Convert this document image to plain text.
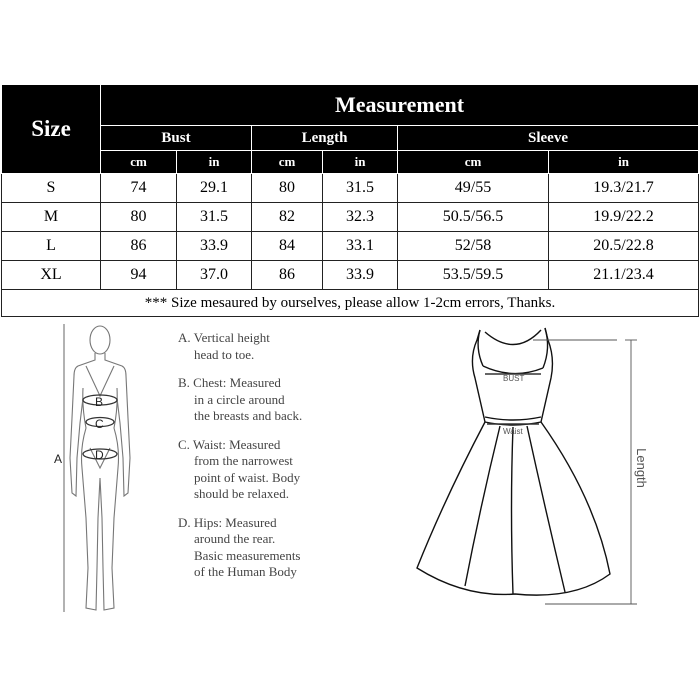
Size	Measurement					
	Bust		Length		Sleeve	
	cm	in	cm	in	cm	in
S	74	29.1	80	31.5	49/55	19.3/21.7
M	80	31.5	82	32.3	50.5/56.5	19.9/22.2
L	86	33.9	84	33.1	52/58	20.5/22.8
XL	94	37.0	86	33.9	53.5/59.5	21.1/23.4
*** Size mesaured by ourselves, please allow 1-2cm errors, Thanks.						
A
B
C
D
A. Vertical height
head to toe.
B. Chest: Measured
in a circle around
the breasts and back.
C. Waist: Measured
from the narrowest
point of waist. Body
should be relaxed.
D. Hips: Measured
around the rear.
Basic measurements
of the Human Body
BUST
Waist
Length
